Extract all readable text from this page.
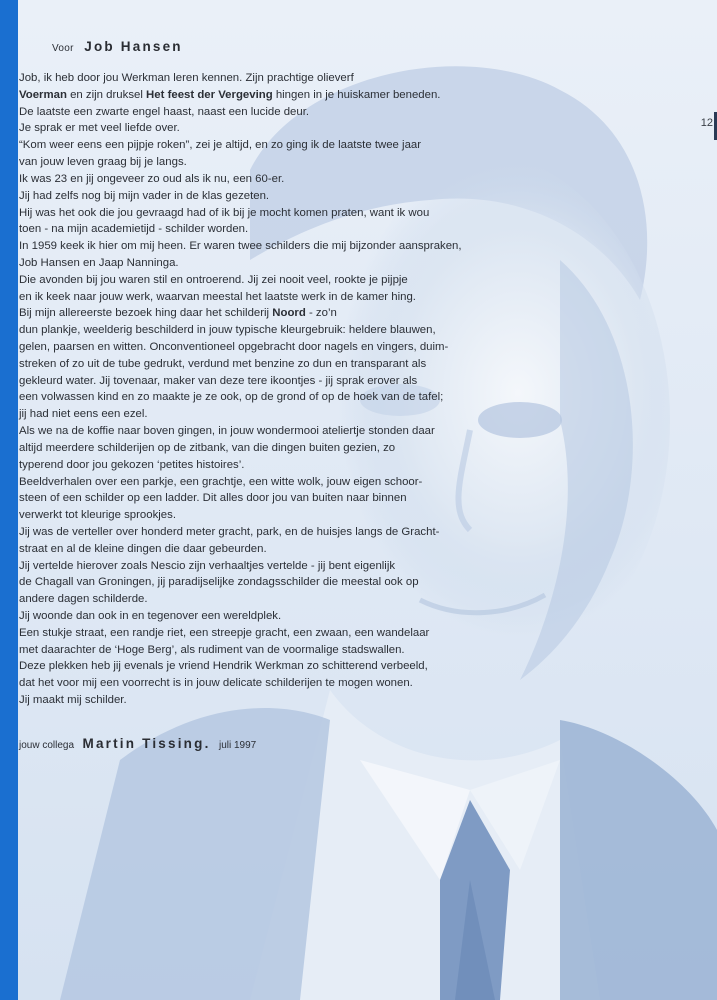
12
Voor Job Hansen
Job, ik heb door jou Werkman leren kennen. Zijn prachtige olieverf
Voerman en zijn druksel Het feest der Vergeving hingen in je huiskamer beneden.
De laatste een zwarte engel haast, naast een lucide deur.
Je sprak er met veel liefde over.
“Kom weer eens een pijpje roken”, zei je altijd, en zo ging ik de laatste twee jaar
van jouw leven graag bij je langs.
Ik was 23 en jij ongeveer zo oud als ik nu, een 60-er.
Jij had zelfs nog bij mijn vader in de klas gezeten.
Hij was het ook die jou gevraagd had of ik bij je mocht komen praten, want ik wou
toen - na mijn academietijd - schilder worden.
In 1959 keek ik hier om mij heen. Er waren twee schilders die mij bijzonder aanspraken,
Job Hansen en Jaap Nanninga.
Die avonden bij jou waren stil en ontroerend. Jij zei nooit veel, rookte je pijpje
en ik keek naar jouw werk, waarvan meestal het laatste werk in de kamer hing.
Bij mijn allereerste bezoek hing daar het schilderij Noord - zo’n
dun plankje, weelderig beschilderd in jouw typische kleurgebruik: heldere blauwen,
gelen, paarsen en witten. Onconventioneel opgebracht door nagels en vingers, duim-
streken of zo uit de tube gedrukt, verdund met benzine zo dun en transparant als
gekleurd water. Jij tovenaar, maker van deze tere ikoontjes - jij sprak erover als
een volwassen kind en zo maakte je ze ook, op de grond of op de hoek van de tafel;
jij had niet eens een ezel.
Als we na de koffie naar boven gingen, in jouw wondermooi ateliertje stonden daar
altijd meerdere schilderijen op de zitbank, van die dingen buiten gezien, zo
typerend door jou gekozen ‘petites histoires’.
Beeldverhalen over een parkje, een grachtje, een witte wolk, jouw eigen schoor-
steen of een schilder op een ladder. Dit alles door jou van buiten naar binnen
verwerkt tot kleurige sprookjes.
Jij was de verteller over honderd meter gracht, park, en de huisjes langs de Gracht-
straat en al de kleine dingen die daar gebeurden.
Jij vertelde hierover zoals Nescio zijn verhaaltjes vertelde - jij bent eigenlijk
de Chagall van Groningen, jij paradijselijke zondagsschilder die meestal ook op
andere dagen schilderde.
Jij woonde dan ook in en tegenover een wereldplek.
Een stukje straat, een randje riet, een streepje gracht, een zwaan, een wandelaar
met daarachter de ‘Hoge Berg’, als rudiment van de voormalige stadswallen.
Deze plekken heb jij evenals je vriend Hendrik Werkman zo schitterend verbeeld,
dat het voor mij een voorrecht is in jouw delicate schilderijen te mogen wonen.
Jij maakt mij schilder.
jouw collega Martin Tissing. juli 1997
